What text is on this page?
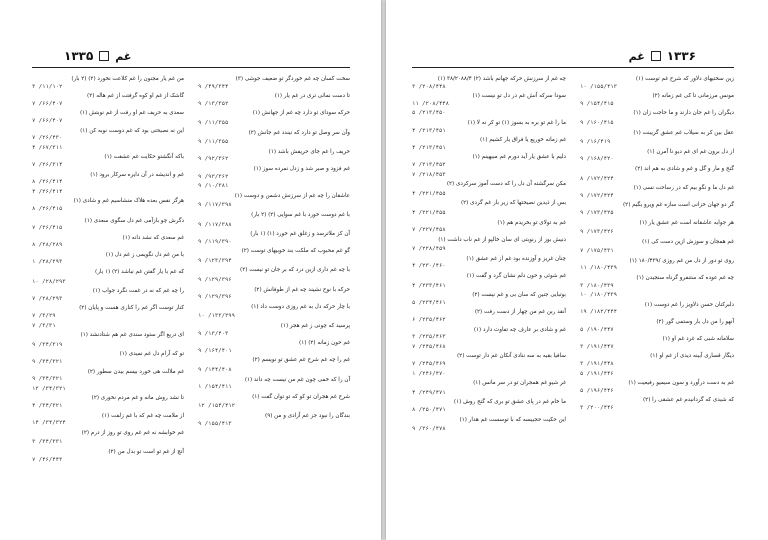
۱۳۳۵ غم
سخت کسان چه غم خوردگر تو ضعیف جوشی (۳)
۹ /۴۹/۳۴۴
تا دست نمائی تری در غم یار (۱)
۹ /۱۳/۳۵۲
حرکه سودای تو دارد چه غم از جهانش (۱)
۹ /۱۱/۳۵۵
وآن سر وصل تو دارد که نیندد غم جانش (۲)
۹ /۱۱/۳۵۵
حریف را غم جای حریفش باشد (۱)
۹ /۹۲/۳۶۲
غم فزود و صبر شد و زدل نمرده سوز (۱)
۹ /۹۳/۳۶۲
۹ /۱۰/۳۸۱
عاشقان را چه غم از سرزنش دشمن و دوست (۱)
۹ /۱۱۷/۳۹۸
با غم دوست خورد با غم سوایی (۲) (۲ بار)
۹ /۱۱۷/۳۸۸
آن کز ملاترسد و زغلق غم خورد (۱) (۱ بار)
۹ /۱۱۹/۳۹۰
گو غم محبوب که ملکت بند خوبیهای توست (۲)
۹ /۱۲۳/۳۹۴
با چه غم داری ازین درد که بر جان تو نیست (۲)
۹ /۱۲۹/۳۹۶
حرکه با نوح نشیند چه غم از طوفانش (۲)
۹ /۱۲۹/۳۹۶
با چار حرکه دل به غم روزی دوست داد (۱)
۱۰ /۱۳۳/۳۹۹
پرسید که چونی ز غم هجر (۱)
۹ /۱۳/۴۰۳
غم حون زمانه (۲) (۱)
۹ /۱۶۴/۴۰۱
غم را چه غم شرح غم عشق تو نویسم (۲)
۹ /۱۴۴/۴۰۸
آن را که خمی چون غم من نیست چه داند (۱)
۱ /۱۵۴/۴۱۱
شرح غم هجران تو کو که تو توان گفت (۱)
۱۲ /۱۵۴/۴۱۲
بندگان را نبود جز غم آزادی و من (۹)
۹ /۱۵۵/۴۱۳
من غم یار مجنون را غم کلاعت نخورد (۲) (۲ بار)
۳ /۱۱/۱۰۲
گاشک از غم او کوه گرفتت از غم هاله (۲)
۷ /۶۶/۴۰۷
سعدی به حریف غم او رفت از غم نوبتش (۱)
۷ /۶۶/۴۰۷
این نه نصیحتی بود که غم دوست نوبه کن (۱)
۷ /۲۶/۴۳۰
۴ /۶۷/۳۱۱
باکه آنگشتو حکایت غم عشقت (۱)
۷ /۲۶/۳۱۴
غم و اندیشه در آن دایره سرکار برود (۱)
۸ /۲۶/۴۱۴
۴ /۲۶/۴۱۴
هرگز نفس بعده هلاک منشاسیم غم و شادی (۱)
۸ /۲۶/۴۱۵
دگرش چو بازآمی غم دل سگوی سعدی (۱)
۷ /۲۶/۴۱۵
غم سعدی که نشد دانه (۱)
۸ /۲۸/۲۸۹
با من غم دل نگویمی ز غم دل (۱)
۱ /۲۸/۲۹۳
که غم با یار گفتن غم نباشد (۲) (۱ بار)
۱۰ /۲۸/۲۹۳
را چه غم که نه در غمت نگرد جواب (۱)
۷ /۲۸/۲۹۳
کنار توست اگر غم را کناری هست و پایان (۲)
۷ /۳/۲۹
۷ /۳/۳۱
ای دریغ اگر ستود سندی غم هم شتادنشد (۱)
۹ /۳۴/۳۱۹
تو که آرام دل غم نمیدی (۱)
۹ /۳۴/۳۲۱
غم ملالت هی خورد بیسم بیدن سطور (۲)
۹ /۳۴/۳۲۱
۱۲ /۳۴/۳۲۱
تا نشد روش مانه و غم مردم نخوری (۲)
۴ /۳۴/۳۲۱
از ملامت چه غم که با غم زلفت (۱)
۱۴ /۳۴/۳۲۴
غم خوابشه نه غم غم روی تو روز از درم (۲)
۳ /۳۴/۳۳۱
آنچ از غم تو است تو بدل من (۲)
۷ /۴۶/۴۴۳
۱۳۳۶
غم
زین سختیهای دلاور که شرح غم توست (۱)
۱۰ /۱۵۵/۴۱۳
مونس مرزمانی تا کی غم زمانه (۲)
۹ /۱۵۴/۴۱۵
دیگران را غم جان دارند و ما حاجت زان (۱)
۹ /۱۶۰/۴۱۵
عقل بین کر به سیلاب غم عشق گریبنت (۱)
۹ /۱۶/۴۱۹
از دل برون غم ای غم دیو نا آمرن (۱)
۹ /۱۶۸/۴۲۰
گنج و مار و گل و غم و شادی به هم اند (۲)
۸ /۱۷۲/۴۲۴
غم دل ما و نگو بیم که در رساحت نسی (۱)
۹ /۱۷۲/۴۲۴
گر دو جهان خزانی است سازه غم ویرو بگیم (۲)
۹ /۱۷۳/۴۲۵
هر جوابه عاشقانه است غم عشق یار (۱)
۹ /۱۷۳/۴۲۶
غم همجان و سوزش ازین دست کی (۱)
۷ /۱۷۵/۴۳۱
روی تو دور از دل من غم روزی /۱۸۰/۴۳۹ (۱)
۱۱ /۱۸۰/۴۳۹
چه غم عوده که ستنفرو گرناه سنجیدن (۱)
۳ /۱۸۰/۴۳۹
۱۰ /۱۸۰/۴۳۹
دلبرکنان حسن دلاویز را غم دوست (۱)
۱۹ /۱۸۲/۴۴۴
آنهو را من دل بار وستمی گور (۲)
۵ /۱۹۰/۴۴۷
سلامانه شبی که غرد غم او (۱)
۳ /۱۹۱/۴۴۷
دیگار قساری آبینه دیدی از غم او (۱)
۳ /۱۹۱/۴۴۸
۵ /۱۹۱/۴۴۶
غم به دست درآورد و سون سیمیو رفیعیت (۱)
۵ /۱۹۶/۴۴۶
که شیدی که گردانیدم غم عشقی را (۲)
۳ /۲۰۰/۴۴۶
چه غم از سرزنش حرکه جهانم باشد (۲) ۳۸/۲۰۸۸/۴ (۱)
۳ /۲۰۸/۴۴۸
سودا سرکه آنش غم در دل تو نیست (۱)
۱۱ /۲۰۸/۴۴۸
۵ /۲۱۳/۴۵۰
ما را غم تو بره به بسوز (۱) تو کر نه لا (۱)
۴ /۲۱۳/۴۵۱
غم زمانه خوریع یا فراق یار کشیم (۱)
۴ /۲۱۳/۴۵۱
دلیم با عشق یار آید دورم غم مبیهینم (۱)
۷ /۲۱۳/۴۵۲
۷ /۲۱۸/۴۵۳
مکن سرگشته آن دل را که دست آموز سرکردی (۲)
۴ /۲۲۱/۴۵۵
بس از ذیدین نصیحتها که زیر بار غم گردی (۲)
۴ /۲۲۱/۴۵۵
غم به تولای تو بخریدم هم (۱)
۷ /۲۲۷/۴۵۸
دنیش بوز از رنوبتی ای سان خالپو از غم ناب داشت (۱)
۷ /۲۲۸/۴۵۹
چنان غریز و آوزنده بود غم از غم عشق (۱)
۴ /۲۳۰/۴۶۰
غم شوئی و حون دلم نشان گرد و گفت (۱)
۴ /۲۳۳/۴۶۱
بوتبایی جنین که سان بی و غم نیست (۲)
۵ /۲۳۴/۴۶۱
آنقد ربن غم من چهار از دست رفت (۲)
۶ /۲۳۵/۴۶۲
غم و شادی بر عارف چه تفاوت دارد (۱)
۳ /۲۳۵/۴۶۳
۷ /۲۴۵/۴۶۸
سافیا بقیه به سه ننادی آنکان غم دار توست (۲)
۷ /۲۴۵/۴۶۹
۱ /۲۴۶/۴۷۰
غر شیو غم همجران تو در سر مانس (۱)
۴ /۲۴۹/۴۷۱
ما خام غم در پای عشق تو بری که گنج روش (۱)
۸ /۲۵۰/۴۷۱
این حکیت حجبیسه که با توسست غم هدار (۱)
۹ /۲۶۰/۴۷۸
